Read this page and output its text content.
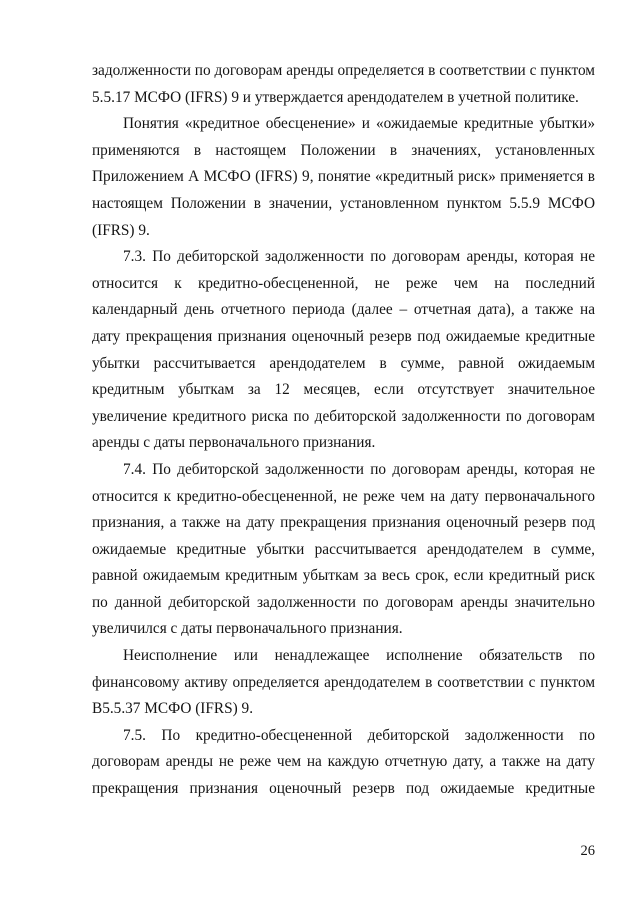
задолженности по договорам аренды определяется в соответствии с пунктом 5.5.17 МСФО (IFRS) 9 и утверждается арендодателем в учетной политике.

Понятия «кредитное обесценение» и «ожидаемые кредитные убытки» применяются в настоящем Положении в значениях, установленных Приложением А МСФО (IFRS) 9, понятие «кредитный риск» применяется в настоящем Положении в значении, установленном пунктом 5.5.9 МСФО (IFRS) 9.

7.3. По дебиторской задолженности по договорам аренды, которая не относится к кредитно-обесцененной, не реже чем на последний календарный день отчетного периода (далее – отчетная дата), а также на дату прекращения признания оценочный резерв под ожидаемые кредитные убытки рассчитывается арендодателем в сумме, равной ожидаемым кредитным убыткам за 12 месяцев, если отсутствует значительное увеличение кредитного риска по дебиторской задолженности по договорам аренды с даты первоначального признания.

7.4. По дебиторской задолженности по договорам аренды, которая не относится к кредитно-обесцененной, не реже чем на дату первоначального признания, а также на дату прекращения признания оценочный резерв под ожидаемые кредитные убытки рассчитывается арендодателем в сумме, равной ожидаемым кредитным убыткам за весь срок, если кредитный риск по данной дебиторской задолженности по договорам аренды значительно увеличился с даты первоначального признания.

Неисполнение или ненадлежащее исполнение обязательств по финансовому активу определяется арендодателем в соответствии с пунктом B5.5.37 МСФО (IFRS) 9.

7.5. По кредитно-обесцененной дебиторской задолженности по договорам аренды не реже чем на каждую отчетную дату, а также на дату прекращения признания оценочный резерв под ожидаемые кредитные

26
